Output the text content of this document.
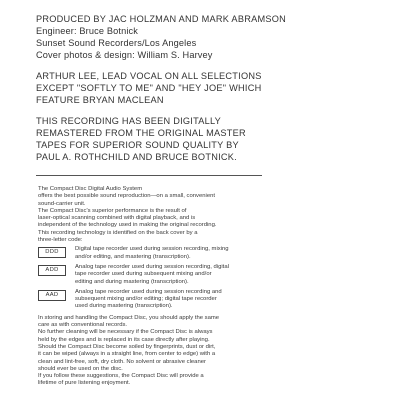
PRODUCED BY JAC HOLZMAN AND MARK ABRAMSON
Engineer: Bruce Botnick
Sunset Sound Recorders/Los Angeles
Cover photos & design: William S. Harvey
ARTHUR LEE, LEAD VOCAL ON ALL SELECTIONS
EXCEPT "SOFTLY TO ME" AND "HEY JOE" WHICH
FEATURE BRYAN MACLEAN
THIS RECORDING HAS BEEN DIGITALLY
REMASTERED FROM THE ORIGINAL MASTER
TAPES FOR SUPERIOR SOUND QUALITY BY
PAUL A. ROTHCHILD AND BRUCE BOTNICK.

The Compact Disc Digital Audio System

offers the best possible sound reproduction—on a small, convenient

sound-carrier unit.

The Compact Disc's superior performance is the result of

laser-optical scanning combined with digital playback, and is

independent of the technology used in making the original recording.

This recording technology is identified on the back cover by a

three-letter code:

DDD	Digital tape recorder used during session recording, mixing

and/or editing, and mastering (transcription).

ADD	Analog tape recorder used during session recording, digital

tape recorder used during subsequent mixing and/or

editing and during mastering (transcription).

AAD	Analog tape recorder used during session recording and

subsequent mixing and/or editing; digital tape recorder

used during mastering (transcription).

In storing and handling the Compact Disc, you should apply the same

care as with conventional records.

No further cleaning will be necessary if the Compact Disc is always

held by the edges and is replaced in its case directly after playing.

Should the Compact Disc become soiled by fingerprints, dust or dirt,

it can be wiped (always in a straight line, from center to edge) with a

clean and lint-free, soft, dry cloth. No solvent or abrasive cleaner

should ever be used on the disc.

If you follow these suggestions, the Compact Disc will provide a

lifetime of pure listening enjoyment.
